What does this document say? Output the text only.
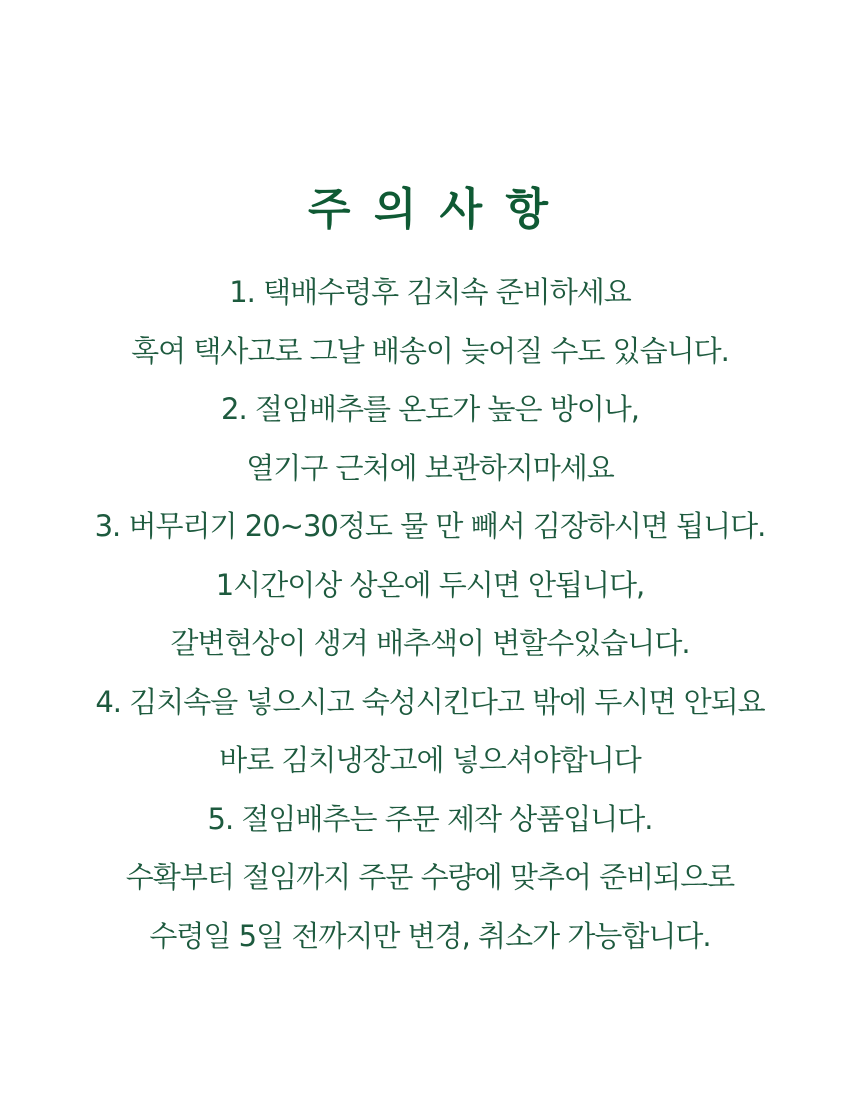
주 의 사 항
1. 택배수령후 김치속 준비하세요
혹여 택사고로 그날 배송이 늦어질 수도 있습니다.
2. 절임배추를 온도가 높은 방이나,
열기구 근처에 보관하지마세요
3. 버무리기 20~30정도 물 만 빼서 김장하시면 됩니다.
1시간이상 상온에 두시면 안됩니다,
갈변현상이 생겨 배추색이 변할수있습니다.
4. 김치속을 넣으시고 숙성시킨다고 밖에 두시면 안되요
바로 김치냉장고에 넣으셔야합니다
5. 절임배추는 주문 제작 상품입니다.
수확부터 절임까지 주문 수량에 맞추어 준비되으로
수령일 5일 전까지만 변경, 취소가 가능합니다.
